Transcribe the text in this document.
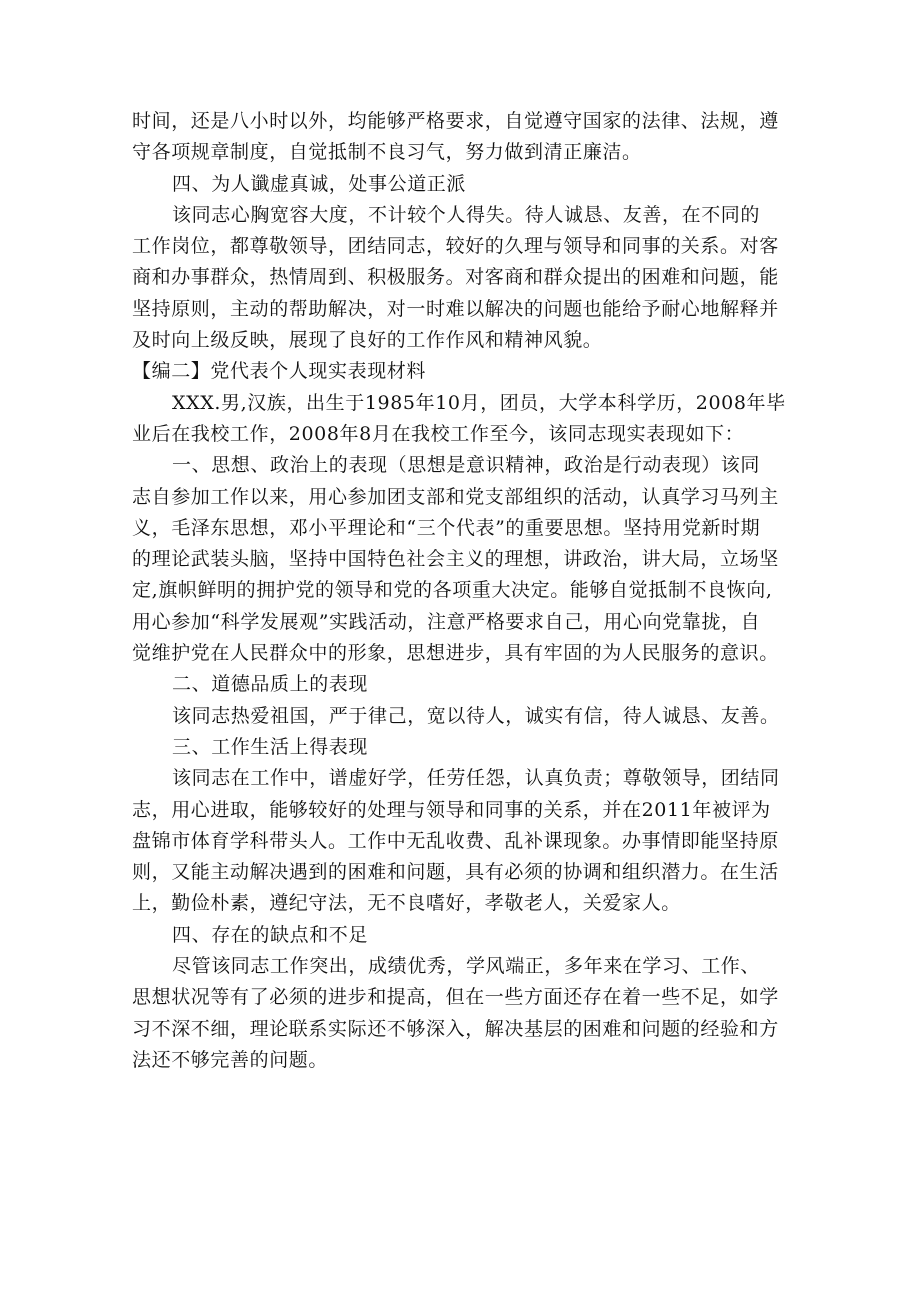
时间，还是八小时以外，均能够严格要求，自觉遵守国家的法律、法规，遵
守各项规章制度，自觉抵制不良习气，努力做到清正廉洁。
四、为人谶虚真诚，处事公道正派
该同志心胸宽容大度，不计较个人得失。待人诚恳、友善，在不同的
工作岗位，都尊敬领导，团结同志，较好的久理与领导和同事的关系。对客
商和办事群众，热情周到、积极服务。对客商和群众提出的困难和问题，能
坚持原则，主动的帮助解决，对一时难以解决的问题也能给予耐心地解释并
及时向上级反映，展现了良好的工作作风和精神风貌。
【编二】党代表个人现实表现材料
XXX.男,汉族，出生于1985年10月，团员，大学本科学历，2008年毕
业后在我校工作，2008年8月在我校工作至今，该同志现实表现如下：
一、思想、政治上的表现（思想是意识精神，政治是行动表现）该同
志自参加工作以来，用心参加团支部和党支部组织的活动，认真学习马列主
义，毛泽东思想，邓小平理论和“三个代表”的重要思想。坚持用党新时期
的理论武装头脑，坚持中国特色社会主义的理想，讲政治，讲大局，立场坚
定,旗帜鲜明的拥护党的领导和党的各项重大决定。能够自觉抵制不良恢向,
用心参加“科学发展观”实践活动，注意严格要求自己，用心向党靠拢，自
觉维护党在人民群众中的形象，思想进步，具有牢固的为人民服务的意识。
二、道德品质上的表现
该同志热爱祖国，严于律己，宽以待人，诚实有信，待人诚恳、友善。
三、工作生活上得表现
该同志在工作中，谱虚好学，任劳任怨，认真负责；尊敬领导，团结同
志，用心进取，能够较好的处理与领导和同事的关系，并在2011年被评为
盘锦市体育学科带头人。工作中无乱收费、乱补课现象。办事情即能坚持原
则，又能主动解决遇到的困难和问题，具有必须的协调和组织潜力。在生活
上，勤俭朴素，遵纪守法，无不良嗜好，孝敬老人，关爱家人。
四、存在的缺点和不足
尽管该同志工作突出，成绩优秀，学风端正，多年来在学习、工作、
思想状况等有了必须的进步和提高，但在一些方面还存在着一些不足，如学
习不深不细，理论联系实际还不够深入，解决基层的困难和问题的经验和方
法还不够完善的问题。
